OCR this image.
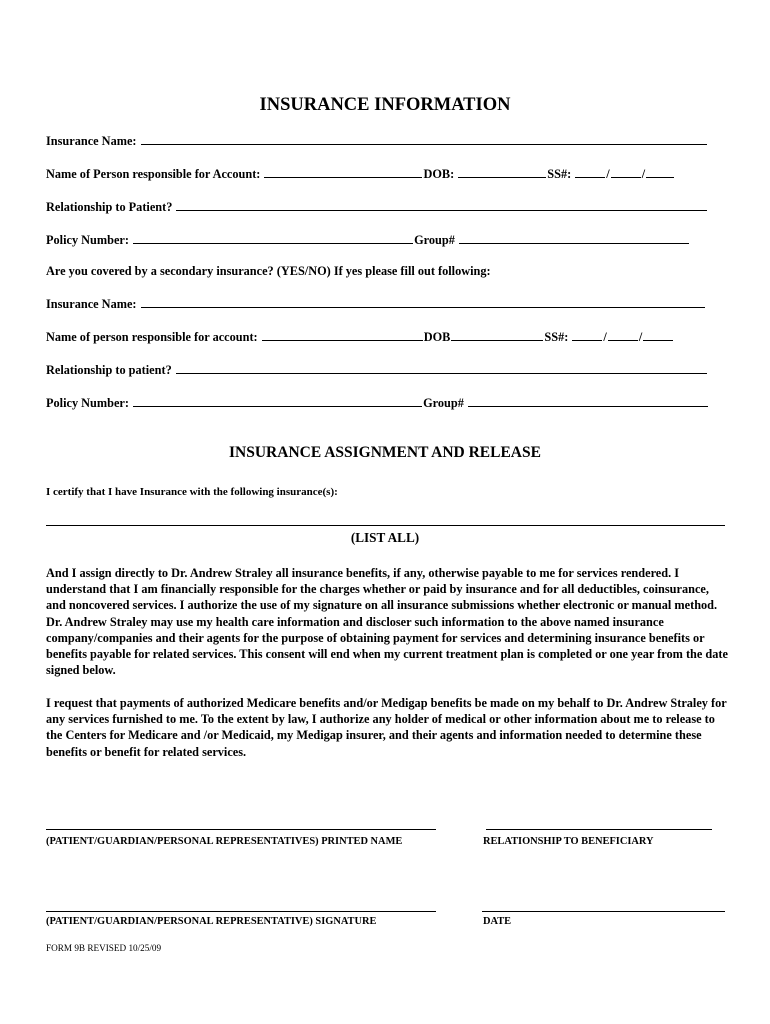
INSURANCE INFORMATION
Insurance Name:
Name of Person responsible for Account:	DOB:	SS#:	/	/
Relationship to Patient?
Policy Number:	Group#
Are you covered by a secondary insurance? (YES/NO) If yes please fill out following:
Insurance Name:
Name of person responsible for account:	DOB	SS#:	/	/
Relationship to patient?
Policy Number:	Group#
INSURANCE ASSIGNMENT AND RELEASE
I certify that I have Insurance with the following insurance(s):
(LIST ALL)
And I assign directly to Dr. Andrew Straley all insurance benefits, if any, otherwise payable to me for services rendered. I understand that I am financially responsible for the charges whether or paid by insurance and for all deductibles, coinsurance, and noncovered services. I authorize the use of my signature on all insurance submissions whether electronic or manual method. Dr. Andrew Straley may use my health care information and discloser such information to the above named insurance company/companies and their agents for the purpose of obtaining payment for services and determining insurance benefits or benefits payable for related services. This consent will end when my current treatment plan is completed or one year from the date signed below.
I request that payments of authorized Medicare benefits and/or Medigap benefits be made on my behalf to Dr. Andrew Straley for any services furnished to me. To the extent by law, I authorize any holder of medical or other information about me to release to the Centers for Medicare and /or Medicaid, my Medigap insurer, and their agents and information needed to determine these benefits or benefit for related services.
(PATIENT/GUARDIAN/PERSONAL REPRESENTATIVES) PRINTED NAME	RELATIONSHIP TO BENEFICIARY
(PATIENT/GUARDIAN/PERSONAL REPRESENTATIVE) SIGNATURE	DATE
FORM 9B REVISED 10/25/09
